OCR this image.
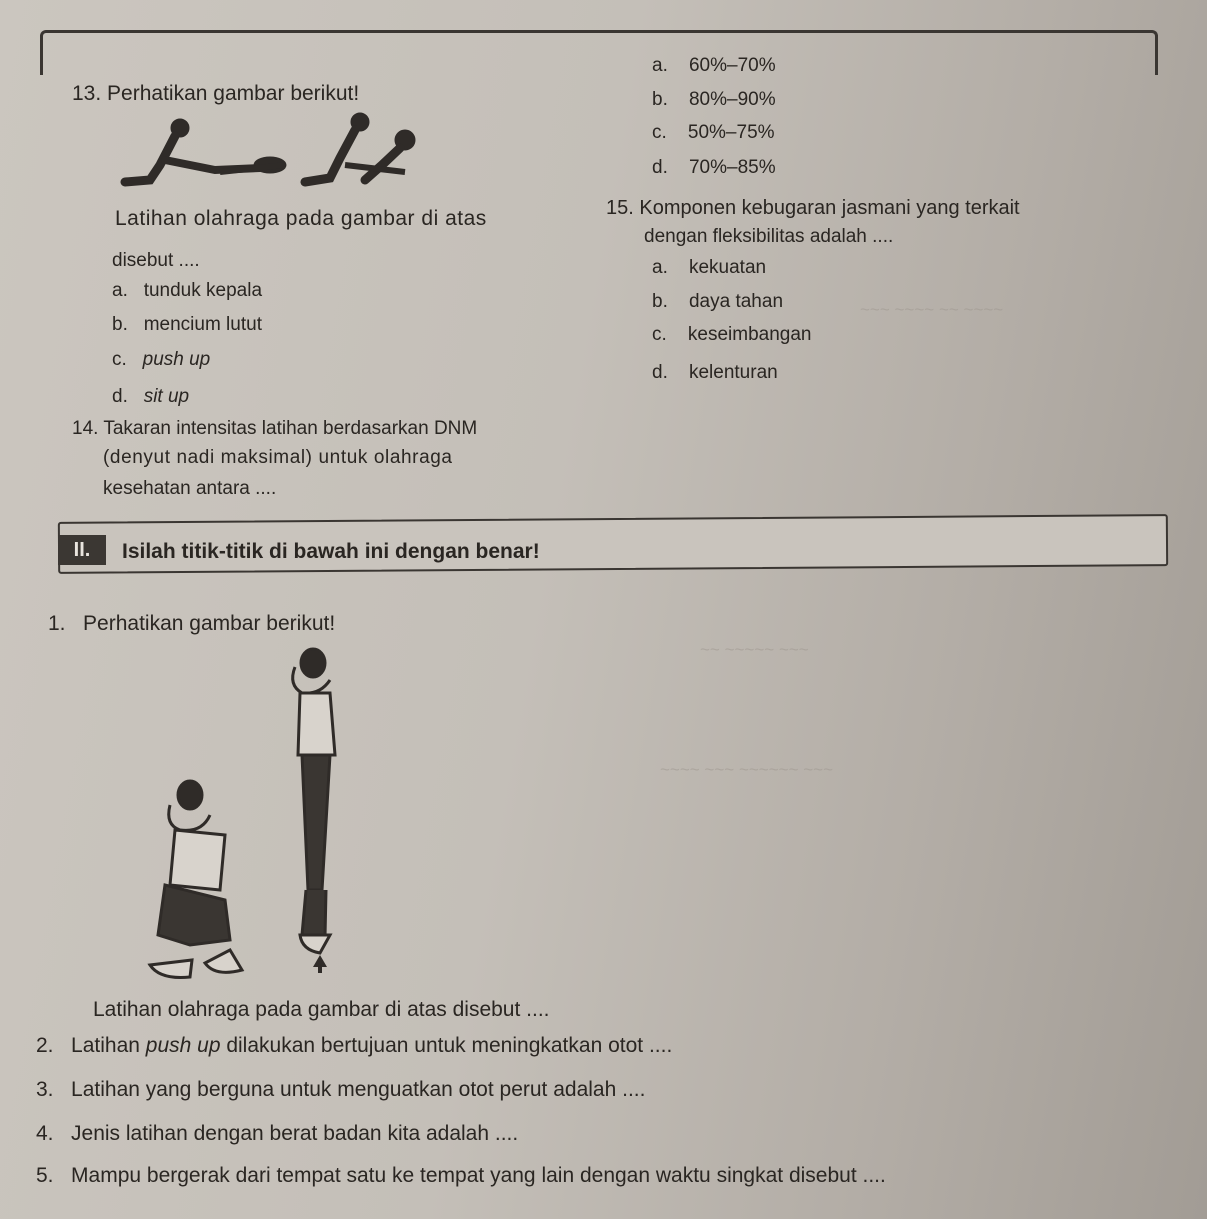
~~~ ~~~~ ~~ ~~~~
~~ ~~~~~ ~~~
~~~~ ~~~ ~~~~~~ ~~~
13. Perhatikan gambar berikut!
Latihan olahraga pada gambar di atas
disebut ....
a. tunduk kepala
b. mencium lutut
c. push up
d. sit up
14. Takaran intensitas latihan berdasarkan DNM
(denyut nadi maksimal) untuk olahraga
kesehatan antara ....
a. 60%–70%
b. 80%–90%
c. 50%–75%
d. 70%–85%
15. Komponen kebugaran jasmani yang terkait
dengan fleksibilitas adalah ....
a. kekuatan
b. daya tahan
c. keseimbangan
d. kelenturan
II.	Isilah titik-titik di bawah ini dengan benar!
1. Perhatikan gambar berikut!
Latihan olahraga pada gambar di atas disebut ....
2. Latihan push up dilakukan bertujuan untuk meningkatkan otot ....
3. Latihan yang berguna untuk menguatkan otot perut adalah ....
4. Jenis latihan dengan berat badan kita adalah ....
5. Mampu bergerak dari tempat satu ke tempat yang lain dengan waktu singkat disebut ....
